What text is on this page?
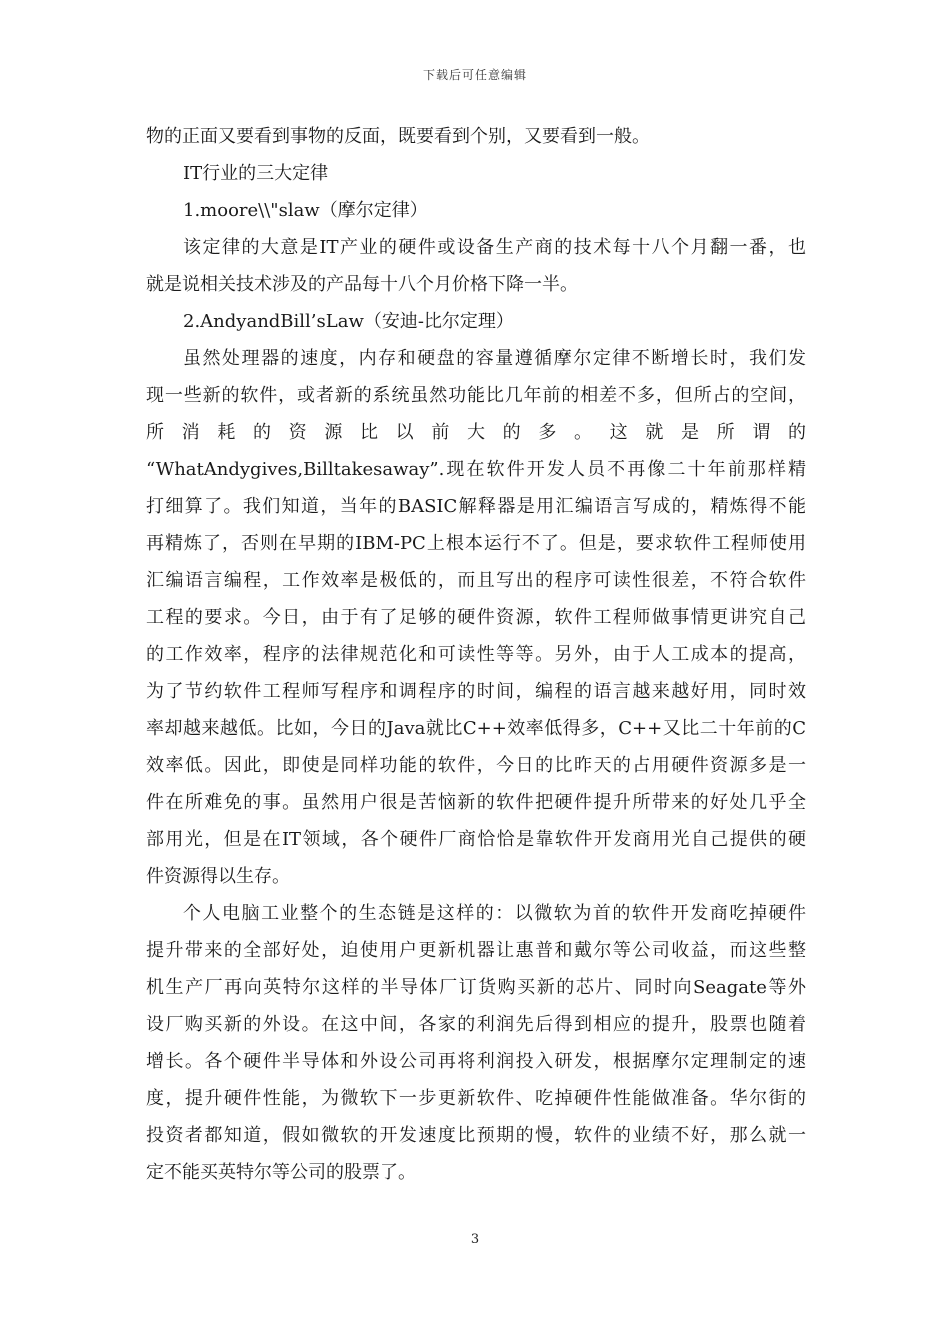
下载后可任意编辑
物的正面又要看到事物的反面，既要看到个别，又要看到一般。
IT行业的三大定律
1.moore\\"slaw（摩尔定律）
该定律的大意是IT产业的硬件或设备生产商的技术每十八个月翻一番，也
就是说相关技术涉及的产品每十八个月价格下降一半。
2.AndyandBill’sLaw（安迪-比尔定理）
虽然处理器的速度，内存和硬盘的容量遵循摩尔定律不断增长时，我们发
现一些新的软件，或者新的系统虽然功能比几年前的相差不多，但所占的空间，
所 消 耗 的 资 源 比 以 前 大 的 多 。 这 就 是 所 谓 的
“WhatAndygives,Billtakesaway”.现在软件开发人员不再像二十年前那样精
打细算了。我们知道，当年的BASIC解释器是用汇编语言写成的，精炼得不能
再精炼了，否则在早期的IBM-PC上根本运行不了。但是，要求软件工程师使用
汇编语言编程，工作效率是极低的，而且写出的程序可读性很差，不符合软件
工程的要求。今日，由于有了足够的硬件资源，软件工程师做事情更讲究自己
的工作效率，程序的法律规范化和可读性等等。另外，由于人工成本的提高，
为了节约软件工程师写程序和调程序的时间，编程的语言越来越好用，同时效
率却越来越低。比如，今日的Java就比C++效率低得多，C++又比二十年前的C
效率低。因此，即使是同样功能的软件，今日的比昨天的占用硬件资源多是一
件在所难免的事。虽然用户很是苦恼新的软件把硬件提升所带来的好处几乎全
部用光，但是在IT领域，各个硬件厂商恰恰是靠软件开发商用光自己提供的硬
件资源得以生存。
个人电脑工业整个的生态链是这样的：以微软为首的软件开发商吃掉硬件
提升带来的全部好处，迫使用户更新机器让惠普和戴尔等公司收益，而这些整
机生产厂再向英特尔这样的半导体厂订货购买新的芯片、同时向Seagate等外
设厂购买新的外设。在这中间，各家的利润先后得到相应的提升，股票也随着
增长。各个硬件半导体和外设公司再将利润投入研发，根据摩尔定理制定的速
度，提升硬件性能，为微软下一步更新软件、吃掉硬件性能做准备。华尔街的
投资者都知道，假如微软的开发速度比预期的慢，软件的业绩不好，那么就一
定不能买英特尔等公司的股票了。
3
